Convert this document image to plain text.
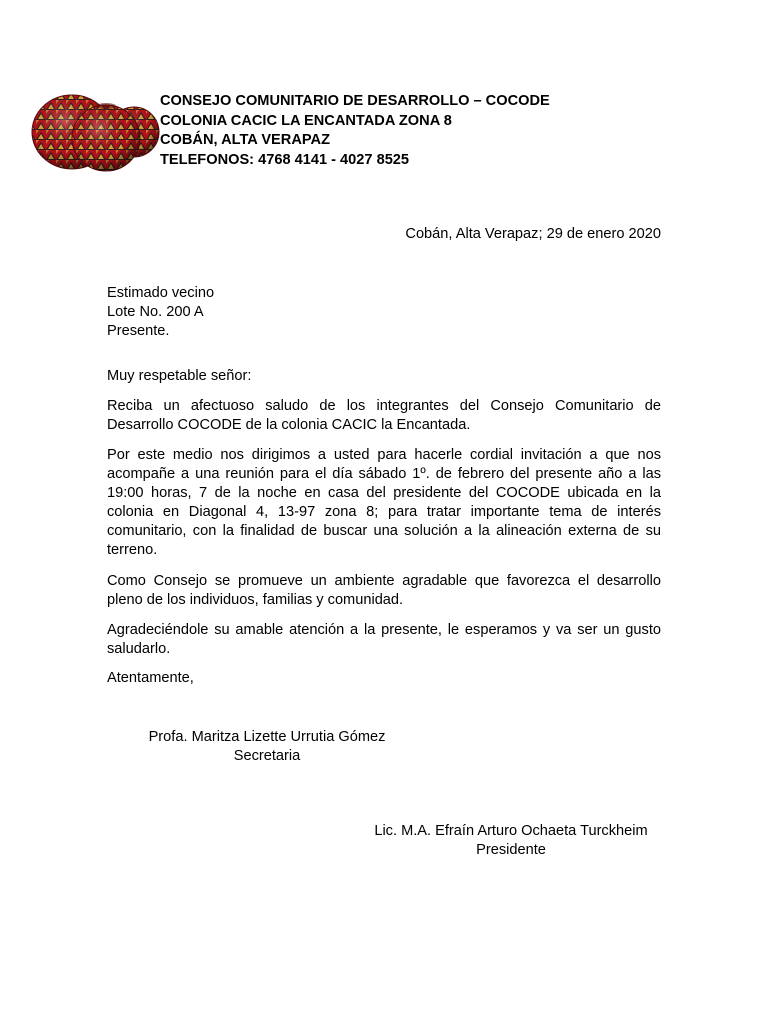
CONSEJO COMUNITARIO DE DESARROLLO – COCODE
COLONIA CACIC LA ENCANTADA ZONA 8
COBÁN, ALTA VERAPAZ
TELEFONOS: 4768 4141 - 4027 8525
Cobán, Alta Verapaz; 29 de enero 2020
Estimado vecino
Lote No. 200 A
Presente.
Muy respetable señor:
Reciba un afectuoso saludo de los integrantes del Consejo Comunitario de Desarrollo COCODE de la colonia CACIC la Encantada.
Por este medio nos dirigimos a usted para hacerle cordial invitación a que nos acompañe a una reunión para el día sábado 1º. de febrero del presente año a las 19:00 horas, 7 de la noche en casa del presidente del COCODE ubicada en la colonia en Diagonal 4, 13-97 zona 8; para tratar importante tema de interés comunitario, con la finalidad de buscar una solución a la alineación externa de su terreno.
Como Consejo se promueve un ambiente agradable que favorezca el desarrollo pleno de los individuos, familias y comunidad.
Agradeciéndole su amable atención a la presente, le esperamos y va ser un gusto saludarlo.
Atentamente,
Profa. Maritza Lizette Urrutia Gómez
Secretaria
Lic. M.A. Efraín Arturo Ochaeta Turckheim
Presidente
